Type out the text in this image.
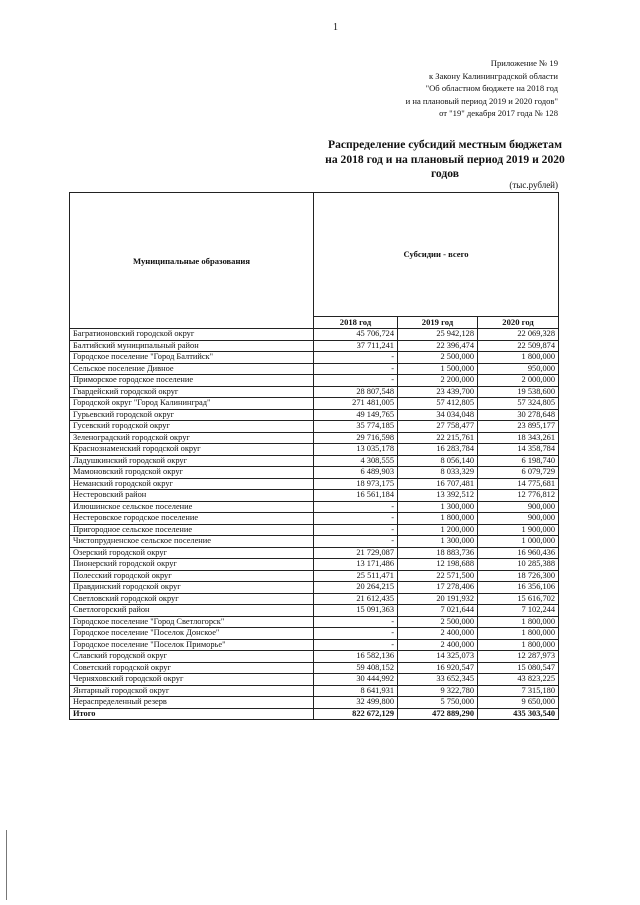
1
Приложение № 19
к Закону Калининградской области
"Об областном бюджете на 2018 год
и на плановый период 2019 и 2020 годов"
от "19" декабря 2017 года № 128
Распределение субсидий местным бюджетам
на 2018 год и на плановый период 2019 и 2020
годов
(тыс.рублей)
Муниципальные образования	Субсидии - всего		
	2018 год	2019 год	2020 год
Багратионовский городской округ	45 706,724	25 942,128	22 069,328
Балтийский муниципальный район	37 711,241	22 396,474	22 509,874
Городское поселение "Город Балтийск"	-	2 500,000	1 800,000
Сельское поселение Дивное	-	1 500,000	950,000
Приморское городское поселение	-	2 200,000	2 000,000
Гвардейский городской округ	28 807,548	23 439,700	19 538,600
Городской округ "Город Калининград"	271 481,005	57 412,805	57 324,805
Гурьевский городской округ	49 149,765	34 034,048	30 278,648
Гусевский городской округ	35 774,185	27 758,477	23 895,177
Зеленоградский городской округ	29 716,598	22 215,761	18 343,261
Краснознаменский городской округ	13 035,178	16 283,784	14 358,784
Ладушкинский городской округ	4 308,555	8 056,140	6 198,740
Мамоновский городской округ	6 489,903	8 033,329	6 079,729
Неманский городской округ	18 973,175	16 707,481	14 775,681
Нестеровский район	16 561,184	13 392,512	12 776,812
Илюшинское сельское поселение	-	1 300,000	900,000
Нестеровское городское поселение	-	1 800,000	900,000
Пригородное сельское поселение	-	1 200,000	1 900,000
Чистопрудненское сельское поселение	-	1 300,000	1 000,000
Озерский городской округ	21 729,087	18 883,736	16 960,436
Пионерский городской округ	13 171,486	12 198,688	10 285,388
Полесский городской округ	25 511,471	22 571,500	18 726,300
Правдинский городской округ	20 264,215	17 278,406	16 356,106
Светловский городской округ	21 612,435	20 191,932	15 616,702
Светлогорский район	15 091,363	7 021,644	7 102,244
Городское поселение "Город Светлогорск"	-	2 500,000	1 800,000
Городское поселение "Поселок Донское"	-	2 400,000	1 800,000
Городское поселение "Поселок Приморье"	-	2 400,000	1 800,000
Славский городской округ	16 582,136	14 325,073	12 287,973
Советский городской округ	59 408,152	16 920,547	15 080,547
Черняховский городской округ	30 444,992	33 652,345	43 823,225
Янтарный городской округ	8 641,931	9 322,780	7 315,180
Нераспределенный резерв	32 499,800	5 750,000	9 650,000
Итого	822 672,129	472 889,290	435 303,540
